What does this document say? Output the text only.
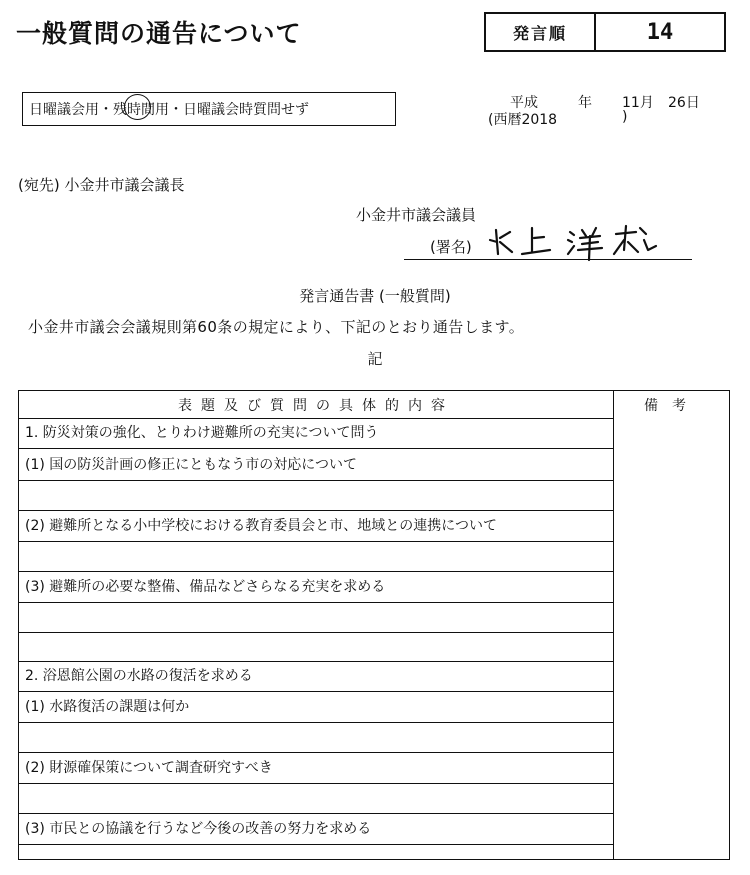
一般質問の通告について	発言順	14
日曜議会用・残 時 間用・日曜議会時質問せず	平成	年 11月 26日
(西暦2018	)
(宛先) 小金井市議会議長
小金井市議会議員
(署名)
発言通告書 (一般質問)
小金井市議会会議規則第60条の規定により、下記のとおり通告します。
記
表題及び質問の具体的内容	備考
1. 防災対策の強化、とりわけ避難所の充実について問う
(1) 国の防災計画の修正にともなう市の対応について
(2) 避難所となる小中学校における教育委員会と市、地域との連携について
(3) 避難所の必要な整備、備品などさらなる充実を求める
2. 浴恩館公園の水路の復活を求める
(1) 水路復活の課題は何か
(2) 財源確保策について調査研究すべき
(3) 市民との協議を行うなど今後の改善の努力を求める
